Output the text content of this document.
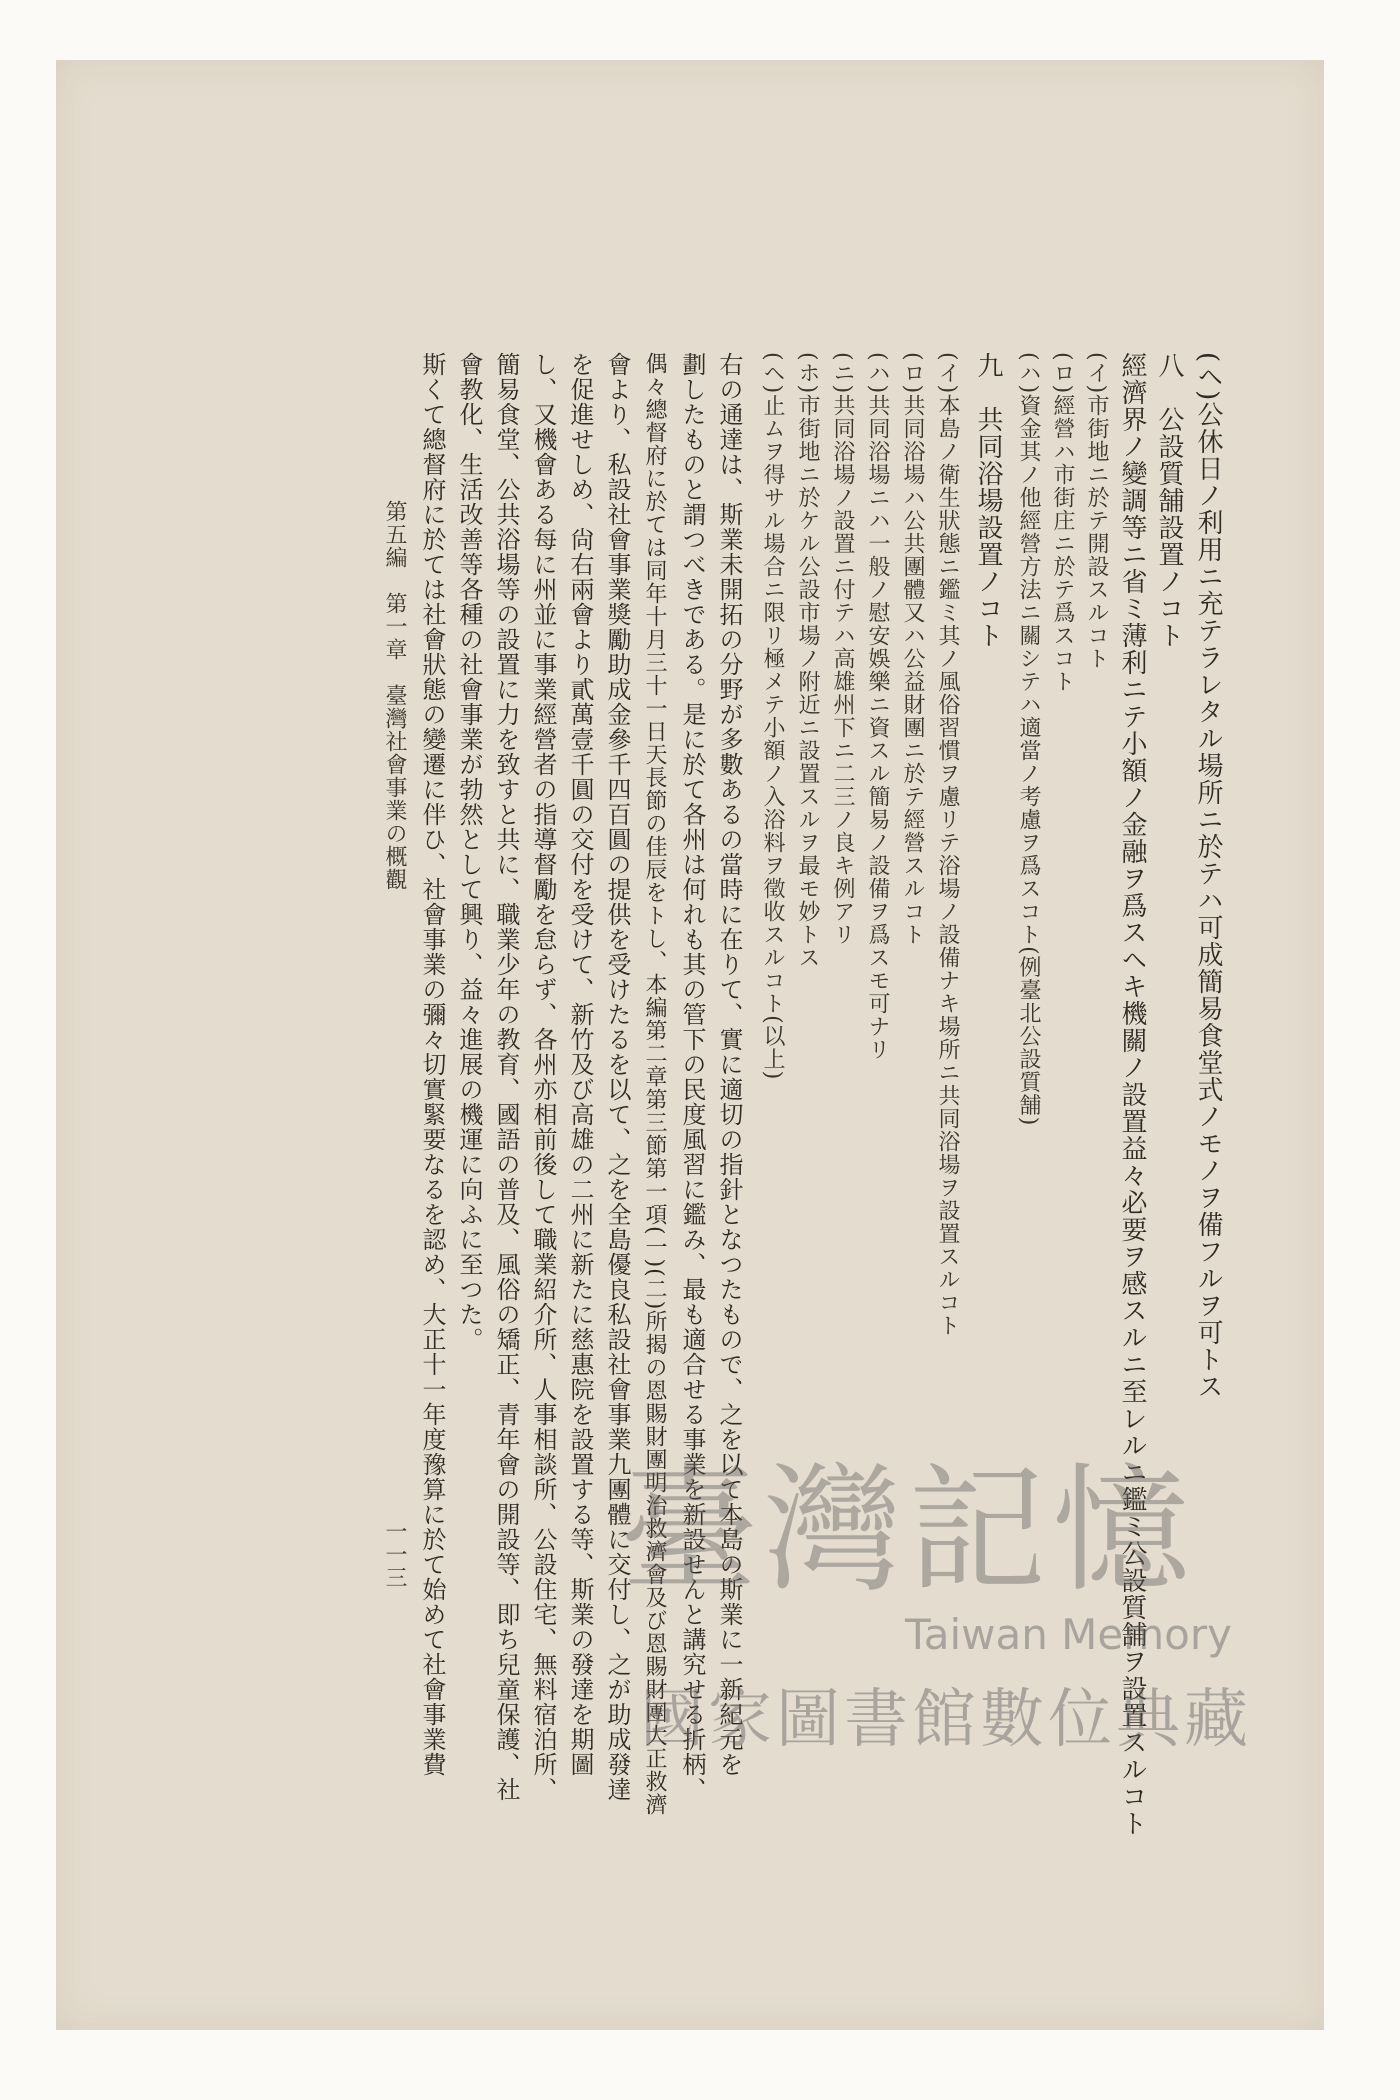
(ヘ)公休日ノ利用ニ充テラレタル場所ニ於テハ可成簡易食堂式ノモノヲ備フルヲ可トス
八　公設質舗設置ノコト
經濟界ノ變調等ニ省ミ薄利ニテ小額ノ金融ヲ爲スヘキ機關ノ設置益々必要ヲ感スルニ至レルニ鑑ミ公設質舗ヲ設置スルコト
(イ)市街地ニ於テ開設スルコト
(ロ)經營ハ市街庄ニ於テ爲スコト
(ハ)資金其ノ他經營方法ニ關シテハ適當ノ考慮ヲ爲スコト(例臺北公設質舗)
九　共同浴場設置ノコト
(イ)本島ノ衛生狀態ニ鑑ミ其ノ風俗習慣ヲ慮リテ浴場ノ設備ナキ場所ニ共同浴場ヲ設置スルコト
(ロ)共同浴場ハ公共團體又ハ公益財團ニ於テ經營スルコト
(ハ)共同浴場ニハ一般ノ慰安娛樂ニ資スル簡易ノ設備ヲ爲スモ可ナリ
(ニ)共同浴場ノ設置ニ付テハ高雄州下ニ二三ノ良キ例アリ
(ホ)市街地ニ於ケル公設市場ノ附近ニ設置スルヲ最モ妙トス
(ヘ)止ムヲ得サル場合ニ限リ極メテ小額ノ入浴料ヲ徵收スルコト(以上)
右の通達は、斯業未開拓の分野が多數あるの當時に在りて、實に適切の指針となつたもので、之を以て本島の斯業に一新紀元を
劃したものと謂つべきである。是に於て各州は何れも其の管下の民度風習に鑑み、最も適合せる事業を新設せんと講究せる折柄、
偶々總督府に於ては同年十月三十一日天長節の佳辰をトし、本編第二章第三節第一項(一)(二)所揭の恩賜財團明治救濟會及び恩賜財團大正救濟
會より、私設社會事業獎勵助成金參千四百圓の提供を受けたるを以て、之を全島優良私設社會事業九團體に交付し、之が助成發達
を促進せしめ、尙右兩會より貳萬壹千圓の交付を受けて、新竹及び高雄の二州に新たに慈惠院を設置する等、斯業の發達を期圖
し、又機會ある每に州並に事業經營者の指導督勵を怠らず、各州亦相前後して職業紹介所、人事相談所、公設住宅、無料宿泊所、
簡易食堂、公共浴場等の設置に力を致すと共に、職業少年の教育、國語の普及、風俗の矯正、青年會の開設等、即ち兒童保護、社
會教化、生活改善等各種の社會事業が勃然として興り、益々進展の機運に向ふに至つた。
斯くて總督府に於ては社會狀態の變遷に伴ひ、社會事業の彌々切實緊要なるを認め、大正十一年度豫算に於て始めて社會事業費
第五編　第一章　臺灣社會事業の概觀
一一三 臺灣記憶
Taiwan Memory
國家圖書館數位典藏
